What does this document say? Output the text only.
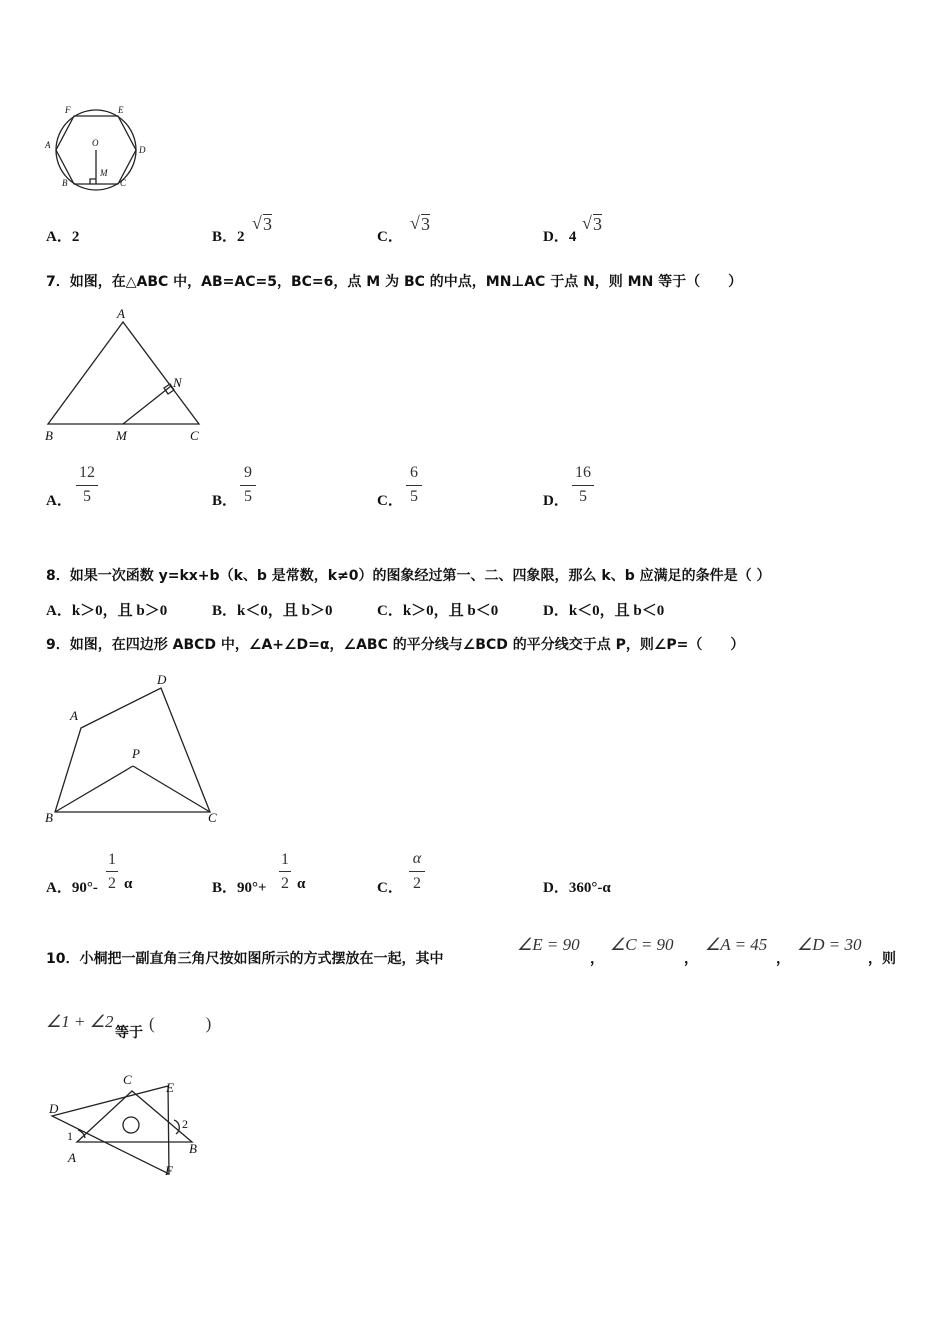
F	E
A	D
O
M
B	C
A．2	B．2
√ 3
C．
√ 3
D．4
√ 3
7．如图，在△ABC 中，AB=AC=5，BC=6，点 M 为 BC 的中点，MN⊥AC 于点 N，则 MN 等于（　　）
A
N
B	M	C
A．
12
5	B．
9
5	C．
6
5	D．
16
5
8．如果一次函数 y=kx+b（k、b 是常数，k≠0）的图象经过第一、二、四象限，那么 k、b 应满足的条件是（ ）
A．k＞0，且 b＞0	B．k＜0，且 b＞0	C．k＞0，且 b＜0	D．k＜0，且 b＜0
9．如图，在四边形 ABCD 中，∠A+∠D=α，∠ABC 的平分线与∠BCD 的平分线交于点 P，则∠P=（　　）
A
D
P
B	C
A．90°-
1
2 α	B．90°+
1
2 α	C．
α
2	D．360°-α
10．小桐把一副直角三角尺按如图所示的方式摆放在一起，其中
∠E = 90
，
∠C = 90
，
∠A = 45
，
∠D = 30
，则
∠1 + ∠2
等于 (　　　)
C
E
D
1
2
A
B
F
